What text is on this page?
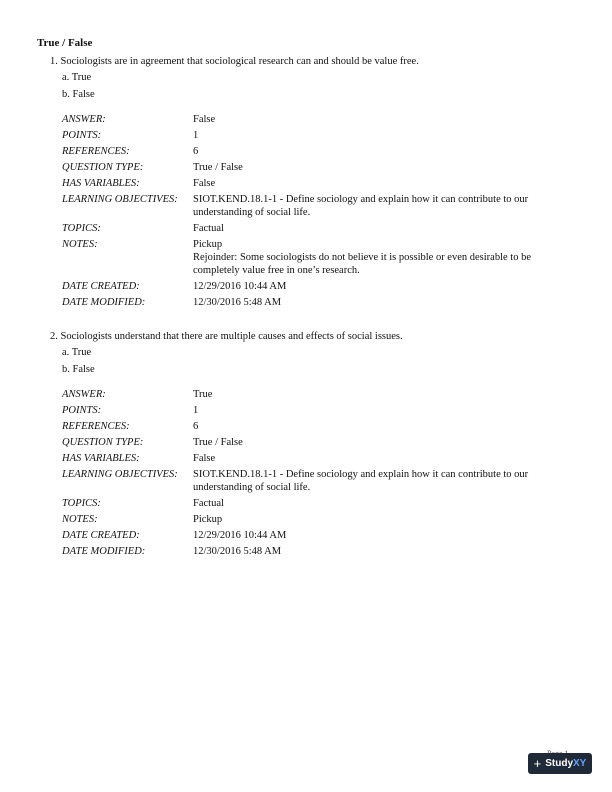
True / False
1. Sociologists are in agreement that sociological research can and should be value free.
a. True
b. False
ANSWER:	False
POINTS:	1
REFERENCES:	6
QUESTION TYPE:	True / False
HAS VARIABLES:	False
LEARNING OBJECTIVES:	SIOT.KEND.18.1-1 - Define sociology and explain how it can contribute to our understanding of social life.
TOPICS:	Factual
NOTES:	Pickup
Rejoinder: Some sociologists do not believe it is possible or even desirable to be completely value free in one’s research.

DATE CREATED:	12/29/2016 10:44 AM
DATE MODIFIED:	12/30/2016 5:48 AM
2. Sociologists understand that there are multiple causes and effects of social issues.
a. True
b. False
ANSWER:	True
POINTS:	1
REFERENCES:	6
QUESTION TYPE:	True / False
HAS VARIABLES:	False
LEARNING OBJECTIVES:	SIOT.KEND.18.1-1 - Define sociology and explain how it can contribute to our understanding of social life.
TOPICS:	Factual
NOTES:	Pickup

DATE CREATED:	12/29/2016 10:44 AM
DATE MODIFIED:	12/30/2016 5:48 AM
+ Study XY
